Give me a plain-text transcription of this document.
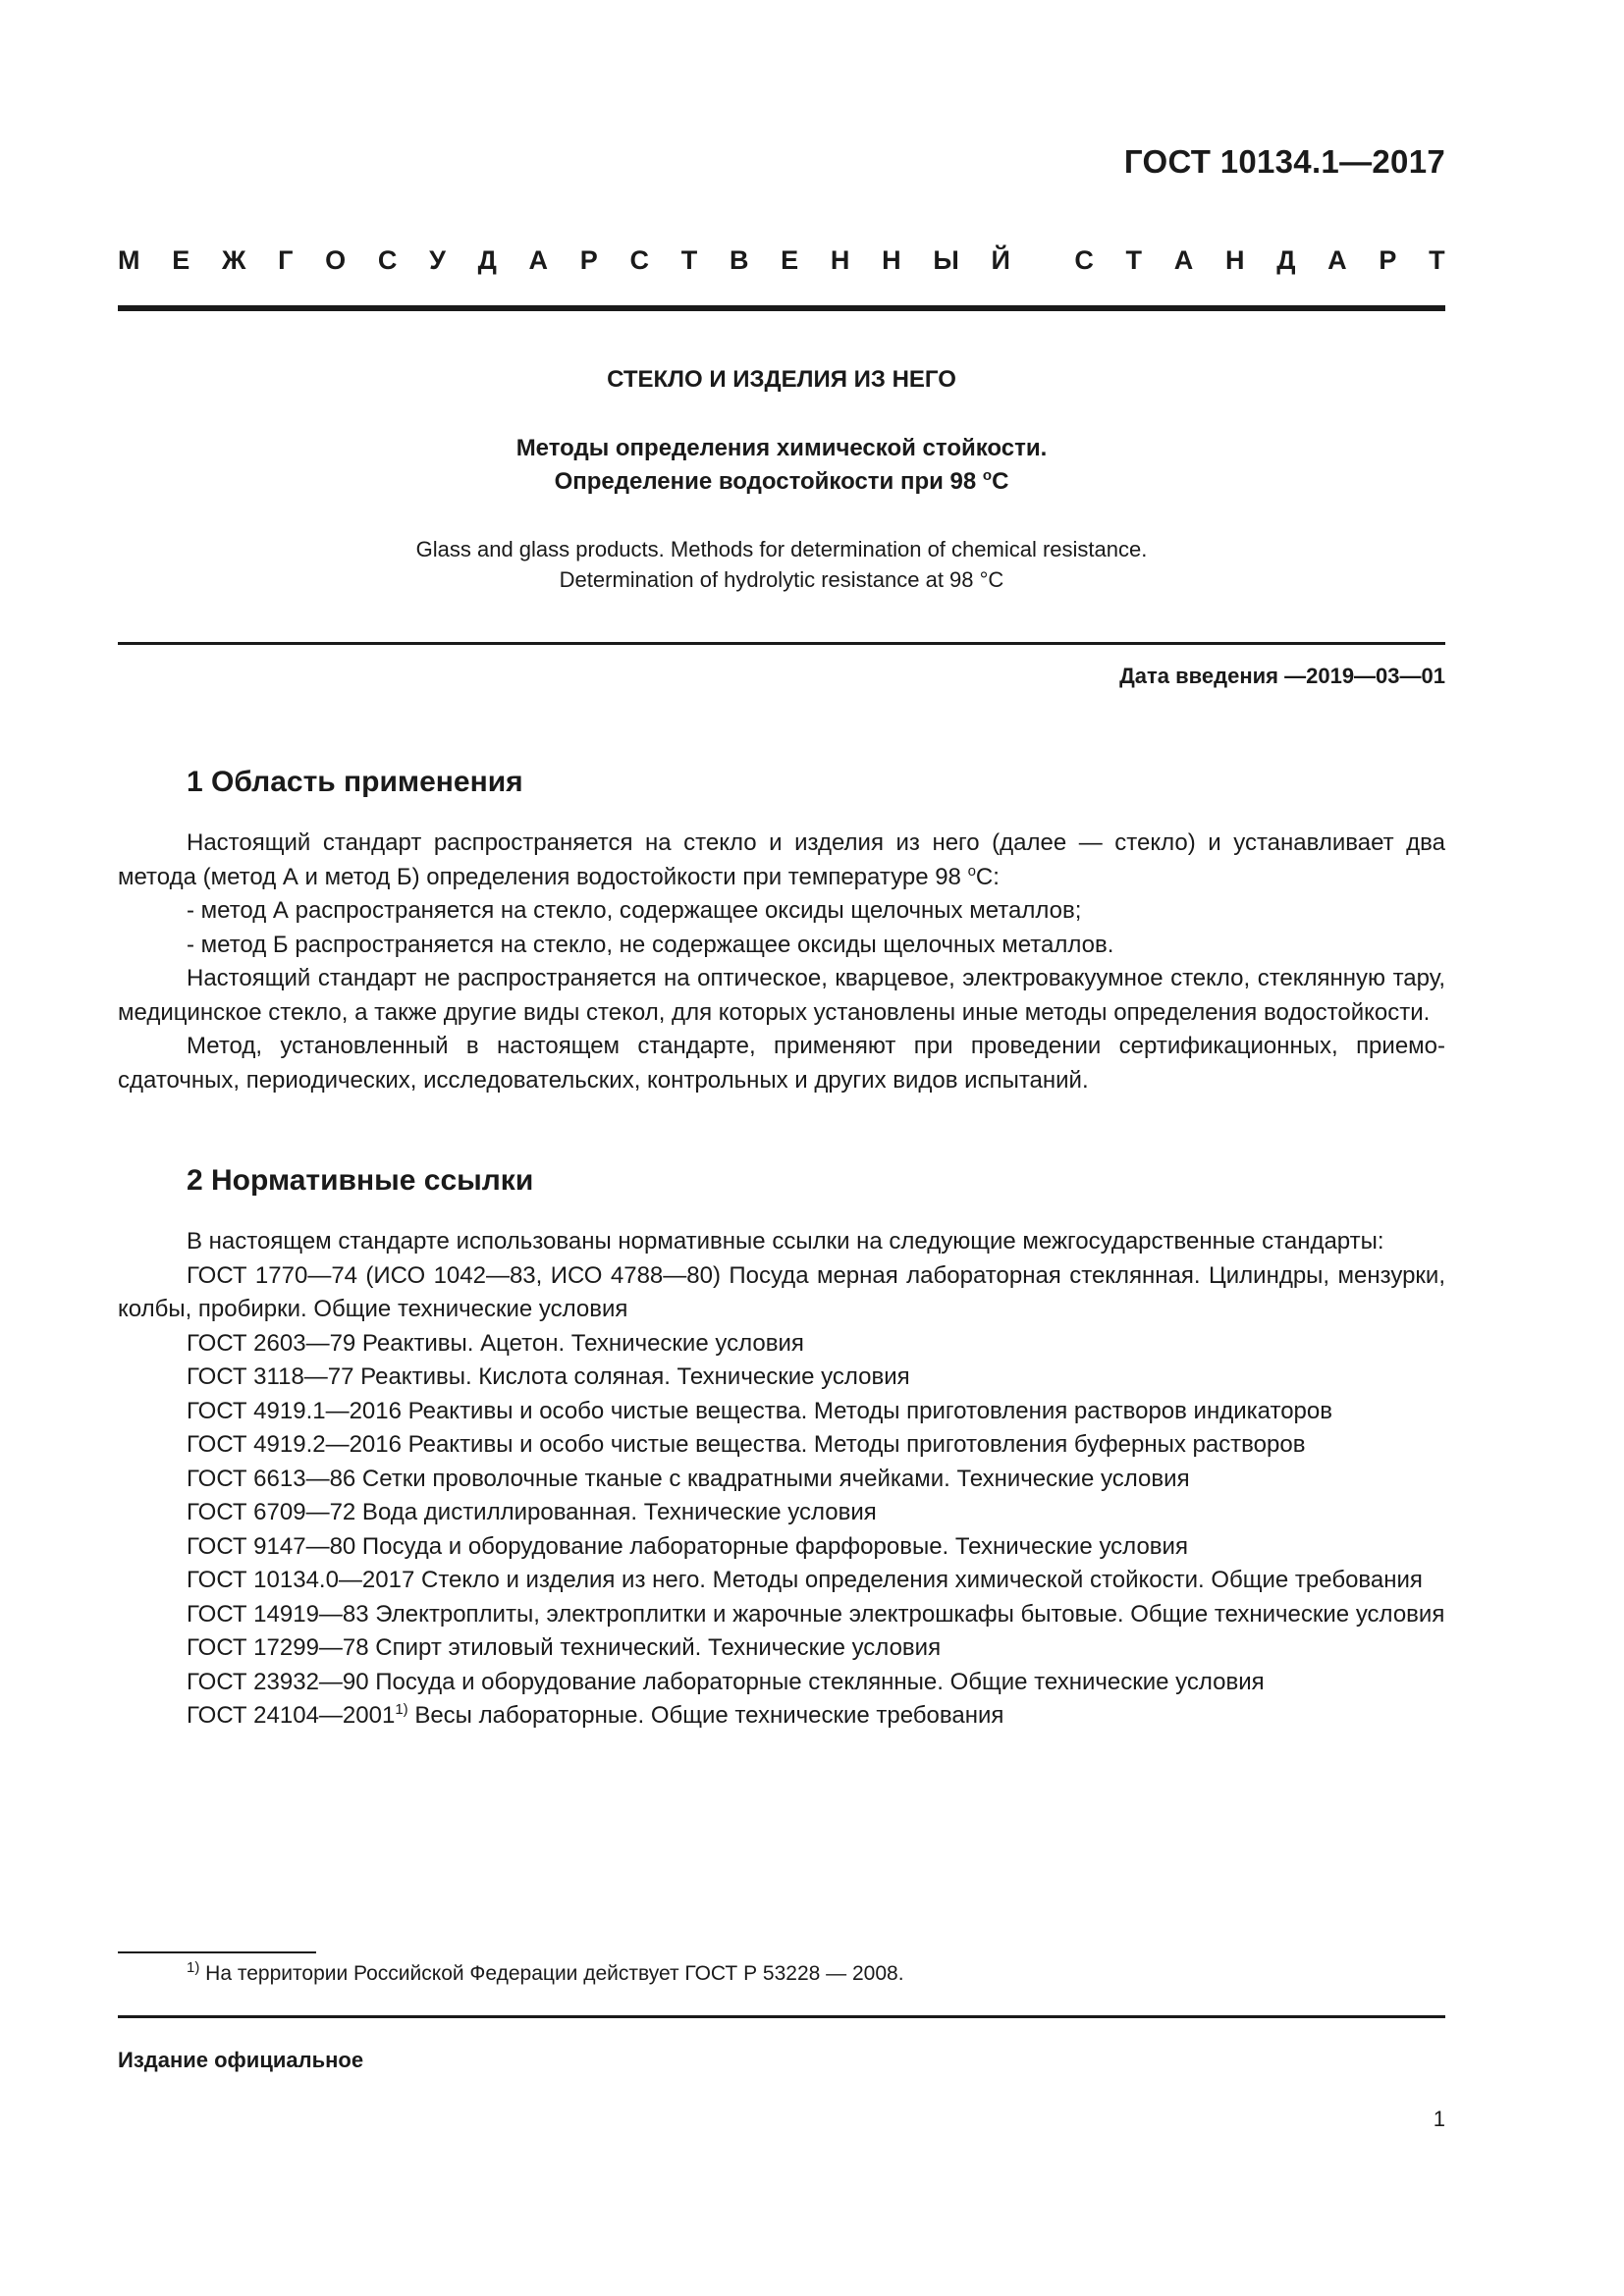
ГОСТ 10134.1—2017
М Е Ж Г О С У Д А Р С Т В Е Н Н Ы Й С Т А Н Д А Р Т
СТЕКЛО И ИЗДЕЛИЯ ИЗ НЕГО
Методы определения химической стойкости.
Определение водостойкости при 98 $^о$С
Glass and glass products. Methods for determination of chemical resistance.
Determination of hydrolytic resistance at 98 °C
Дата введения —2019—03—01
1 Область применения

Настоящий стандарт распространяется на стекло и изделия из него (далее — стекло) и устанавливает два метода (метод А и метод Б) определения водостойкости при температуре 98 $^о$С:

- метод А распространяется на стекло, содержащее оксиды щелочных металлов;

- метод Б распространяется на стекло, не содержащее оксиды щелочных металлов.

Настоящий стандарт не распространяется на оптическое, кварцевое, электровакуумное стекло, стеклянную тару, медицинское стекло, а также другие виды стекол, для которых установлены иные методы определения водостойкости.

Метод, установленный в настоящем стандарте, применяют при проведении сертификационных, приемо-сдаточных, периодических, исследовательских, контрольных и других видов испытаний.

2 Нормативные ссылки

В настоящем стандарте использованы нормативные ссылки на следующие межгосударственные стандарты:

ГОСТ 1770—74 (ИСО 1042—83, ИСО 4788—80) Посуда мерная лабораторная стеклянная. Цилиндры, мензурки, колбы, пробирки. Общие технические условия

ГОСТ 2603—79 Реактивы. Ацетон. Технические условия

ГОСТ 3118—77 Реактивы. Кислота соляная. Технические условия

ГОСТ 4919.1—2016 Реактивы и особо чистые вещества. Методы приготовления растворов индикаторов

ГОСТ 4919.2—2016 Реактивы и особо чистые вещества. Методы приготовления буферных растворов

ГОСТ 6613—86 Сетки проволочные тканые с квадратными ячейками. Технические условия

ГОСТ 6709—72 Вода дистиллированная. Технические условия

ГОСТ 9147—80 Посуда и оборудование лабораторные фарфоровые. Технические условия

ГОСТ 10134.0—2017 Стекло и изделия из него. Методы определения химической стойкости. Общие требования

ГОСТ 14919—83 Электроплиты, электроплитки и жарочные электрошкафы бытовые. Общие технические условия

ГОСТ 17299—78 Спирт этиловый технический. Технические условия

ГОСТ 23932—90 Посуда и оборудование лабораторные стеклянные. Общие технические условия

ГОСТ 24104—2001$^{1)}$ Весы лабораторные. Общие технические требования

$^{1)}$ На территории Российской Федерации действует ГОСТ Р 53228 — 2008.
Издание официальное
1
